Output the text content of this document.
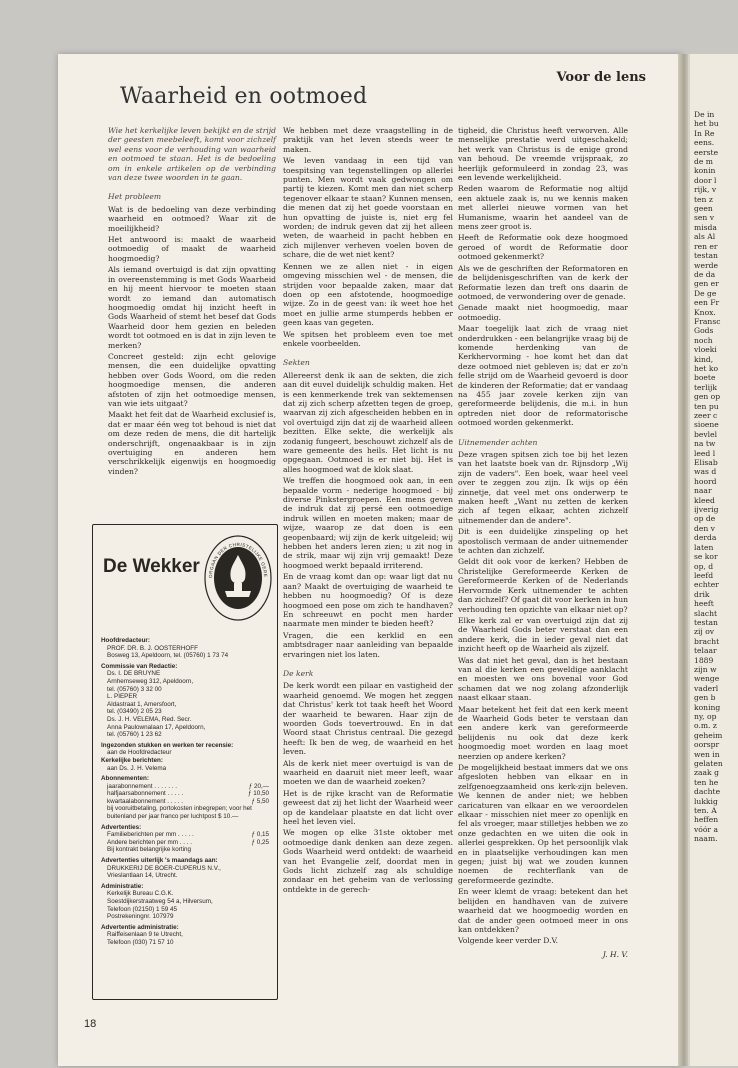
De in
het bu
In Re
eens.
eerste
de m
konin
door l
rijk, v
ten z
geen
sen v
misda
als Al
ren er
testan
werde
de da
gen er
De ge
een Fr
Knox.
Fransc
Gods
noch
vloeki
kind,
het ko
boete
terlijk
gen op
ten pu
zeer c
sioene
bevlel
na tw
leed l
Elisab
was d
hoord
naar
kleed
ijverig
op de
den v
derda
laten
se kor
op, d
leefd
echter
drik
heeft
slacht
testan
zij ov
bracht
telaar
1889
zijn w
wenge
vaderl
gen b
koning
ny, op
o.m. z
geheim
oorspr
wen in
gelaten
zaak g
ten he
dachte
lukkig
ten. A
heffen
vóór a
naam.
Voor de lens
Waarheid en ootmoed

Wie het kerkelijke leven bekijkt en de strijd der geesten meebeleeft, komt voor zichzelf wel eens voor de verhouding van waarheid en ootmoed te staan. Het is de bedoeling om in enkele artikelen op de verbinding van deze twee woorden in te gaan.

Het probleem

Wat is de bedoeling van deze verbinding waarheid en ootmoed? Waar zit de moeilijkheid?

Het antwoord is: maakt de waarheid ootmoedig of maakt de waarheid hoogmoedig?

Als iemand overtuigd is dat zijn opvatting in overeenstemming is met Gods Waarheid en hij meent hiervoor te moeten staan wordt zo iemand dan automatisch hoogmoedig omdat hij inzicht heeft in Gods Waarheid of stemt het besef dat Gods Waarheid door hem gezien en beleden wordt tot ootmoed en is dat in zijn leven te merken?

Concreet gesteld: zijn echt gelovige mensen, die een duidelijke opvatting hebben over Gods Woord, om die reden hoogmoedige mensen, die anderen afstoten of zijn het ootmoedige mensen, van wie iets uitgaat?

Maakt het feit dat de Waarheid exclusief is, dat er maar één weg tot behoud is niet dat om deze reden de mens, die dit hartelijk onderschrijft, ongenaakbaar is in zijn overtuiging en anderen hem verschrikkelijk eigenwijs en hoogmoedig vinden?

De Wekker	ORGAAN DER CHRISTELIJKE GERE
Hoofdredacteur:
PROF. DR. B. J. OOSTERHOFF
Bosweg 13, Apeldoorn, tel. (05760) 1 73 74
Commissie van Redactie:
Ds. I. DE BRUYNE
Arnhemseweg 312, Apeldoorn,
tel. (05760) 3 32 00
L. PIEPER
Aldastraat 1, Amersfoort,
tel. (03490) 2 05 23
Ds. J. H. VELEMA, Red. Secr.
Anna Paulownalaan 17, Apeldoorn,
tel. (05760) 1 23 62
Ingezonden stukken en werken ter recensie:
aan de Hoofdredacteur
Kerkelijke berichten:
aan Ds. J. H. Velema
Abonnementen:
jaarabonnement . . . . . . .	ƒ 20,—
halfjaarsabonnement . . . . .	ƒ 10,50
kwartaalabonnement . . . . .	ƒ 5,50
bij vooruitbetaling, portokosten inbegrepen; voor het buitenland per jaar franco per luchtpost $ 10.—
Advertenties:
Familieberichten per mm . . . . .	ƒ 0,15
Andere berichten per mm . . . .	ƒ 0,25
Bij kontrakt belangrijke korting
Advertenties uiterlijk 's maandags aan:
DRUKKERIJ DE BOER-CUPERUS N.V.,
Vrieslantlaan 14, Utrecht.
Administratie:
Kerkelijk Bureau C.G.K.
Soestdijkerstraatweg 54 a, Hilversum,
Telefoon (02150) 1 59 45
Postrekeningnr. 107979
Advertentie administratie:
Raiffeisenlaan 9 te Utrecht,
Telefoon (030) 71 57 10

We hebben met deze vraagstelling in de praktijk van het leven steeds weer te maken.

We leven vandaag in een tijd van toespitsing van tegenstellingen op allerlei punten. Men wordt vaak gedwongen om partij te kiezen. Komt men dan niet scherp tegenover elkaar te staan? Kunnen mensen, die menen dat zij het goede voorstaan en hun opvatting de juiste is, niet erg fel worden; de indruk geven dat zij het alleen weten, de waarheid in pacht hebben en zich mijlenver verheven voelen boven de schare, die de wet niet kent?

Kennen we ze allen niet - in eigen omgeving misschien wel - de mensen, die strijden voor bepaalde zaken, maar dat doen op een afstotende, hoogmoedige wijze. Zo in de geest van: ik weet hoe het moet en jullie arme stumperds hebben er geen kaas van gegeten.

We spitsen het probleem even toe met enkele voorbeelden.

Sekten

Allereerst denk ik aan de sekten, die zich aan dit euvel duidelijk schuldig maken. Het is een kenmerkende trek van sektemensen dat zij zich scherp afzetten tegen de groep, waarvan zij zich afgescheiden hebben en in vol overtuigd zijn dat zij de waarheid alleen bezitten. Elke sekte, die werkelijk als zodanig fungeert, beschouwt zichzelf als de ware gemeente des heils. Het licht is nu opgegaan. Ootmoed is er niet bij. Het is alles hoogmoed wat de klok slaat.

We treffen die hoogmoed ook aan, in een bepaalde vorm - nederige hoogmoed - bij diverse Pinkstergroepen. Een mens geven de indruk dat zij persé een ootmoedige indruk willen en moeten maken; maar de wijze, waarop ze dat doen is een geopenbaard; wij zijn de kerk uitgeleid; wij hebben het anders leren zien; u zit nog in de strik, maar wij zijn vrij gemaakt! Deze hoogmoed werkt bepaald irriterend.

En de vraag komt dan op: waar ligt dat nu aan? Maakt de overtuiging de waarheid te hebben nu hoogmoedig? Of is deze hoogmoed een pose om zich te handhaven? En schreeuwt en pocht men harder naarmate men minder te bieden heeft?

Vragen, die een kerklid en een ambtsdrager naar aanleiding van bepaalde ervaringen niet los laten.

De kerk

De kerk wordt een pilaar en vastigheid der waarheid genoemd. We mogen het zeggen dat Christus' kerk tot taak heeft het Woord der waarheid te bewaren. Haar zijn de woorden Gods toevertrouwd. En in dat Woord staat Christus centraal. Die gezegd heeft: Ik ben de weg, de waarheid en het leven.

Als de kerk niet meer overtuigd is van de waarheid en daaruit niet meer leeft, waar moeten we dan de waarheid zoeken?

Het is de rijke kracht van de Reformatie geweest dat zij het licht der Waarheid weer op de kandelaar plaatste en dat licht over heel het leven viel.

We mogen op elke 31ste oktober met ootmoedige dank denken aan deze zegen. Gods Waarheid werd ontdekt: de waarheid van het Evangelie zelf, doordat men in Gods licht zichzelf zag als schuldige zondaar en het geheim van de verlossing ontdekte in de gerech-

tigheid, die Christus heeft verworven. Alle menselijke prestatie werd uitgeschakeld; het werk van Christus is de enige grond van behoud. De vreemde vrijspraak, zo heerlijk geformuleerd in zondag 23, was een levende werkelijkheid.

Reden waarom de Reformatie nog altijd een aktuele zaak is, nu we kennis maken met allerlei nieuwe vormen van het Humanisme, waarin het aandeel van de mens zeer groot is.

Heeft de Reformatie ook deze hoogmoed geroed of wordt de Reformatie door ootmoed gekenmerkt?

Als we de geschriften der Reformatoren en de belijdenisgeschriften van de kerk der Reformatie lezen dan treft ons daarin de ootmoed, de verwondering over de genade.

Genade maakt niet hoogmoedig, maar ootmoedig.

Maar toegelijk laat zich de vraag niet onderdrukken - een belangrijke vraag bij de komende herdenking van de Kerkhervorming - hoe komt het dan dat deze ootmoed niet gebleven is; dat er zo'n felle strijd om de Waarheid gevoerd is door de kinderen der Reformatie; dat er vandaag na 455 jaar zovele kerken zijn van gereformeerde belijdenis, die m.i. in hun optreden niet door de reformatorische ootmoed worden gekenmerkt.

Uitnemender achten

Deze vragen spitsen zich toe bij het lezen van het laatste boek van dr. Rijnsdorp „Wij zijn de vaders". Een boek, waar heel veel over te zeggen zou zijn. Ik wijs op één zinnetje, dat veel met ons onderwerp te maken heeft „Want nu zetten de kerken zich af tegen elkaar, achten zichzelf uitnemender dan de andere".

Dit is een duidelijke zinspeling op het apostolisch vermaan de ander uitnemender te achten dan zichzelf.

Geldt dit ook voor de kerken? Hebben de Christelijke Gereformeerde Kerken de Gereformeerde Kerken of de Nederlands Hervormde Kerk uitnemender te achten dan zichzelf? Of gaat dit voor kerken in hun verhouding ten opzichte van elkaar niet op?

Elke kerk zal er van overtuigd zijn dat zij de Waarheid Gods beter verstaat dan een andere kerk, die in ieder geval niet dat inzicht heeft op de Waarheid als zijzelf.

Was dat niet het geval, dan is het bestaan van al die kerken een geweldige aanklacht en moesten we ons bovenal voor God schamen dat we nog zolang afzonderlijk naast elkaar staan.

Maar betekent het feit dat een kerk meent de Waarheid Gods beter te verstaan dan een andere kerk van gereformeerde belijdenis nu ook dat deze kerk hoogmoedig moet worden en laag moet neerzien op andere kerken?

De mogelijkheid bestaat immers dat we ons afgesloten hebben van elkaar en in zelfgenoegzaamheid ons kerk-zijn beleven. We kennen de ander niet; we hebben caricaturen van elkaar en we veroordelen elkaar - misschien niet meer zo openlijk en fel als vroeger, maar stilletjes hebben we zo onze gedachten en we uiten die ook in allerlei gesprekken. Op het persoonlijk vlak en in plaatselijke verhoudingen kan men gegen; juist bij wat we zouden kunnen noemen de rechterflank van de gereformeerde gezindte.

En weer klemt de vraag: betekent dan het belijden en handhaven van de zuivere waarheid dat we hoogmoedig worden en dat de ander geen ootmoed meer in ons kan ontdekken?

Volgende keer verder D.V.

J. H. V.

18
